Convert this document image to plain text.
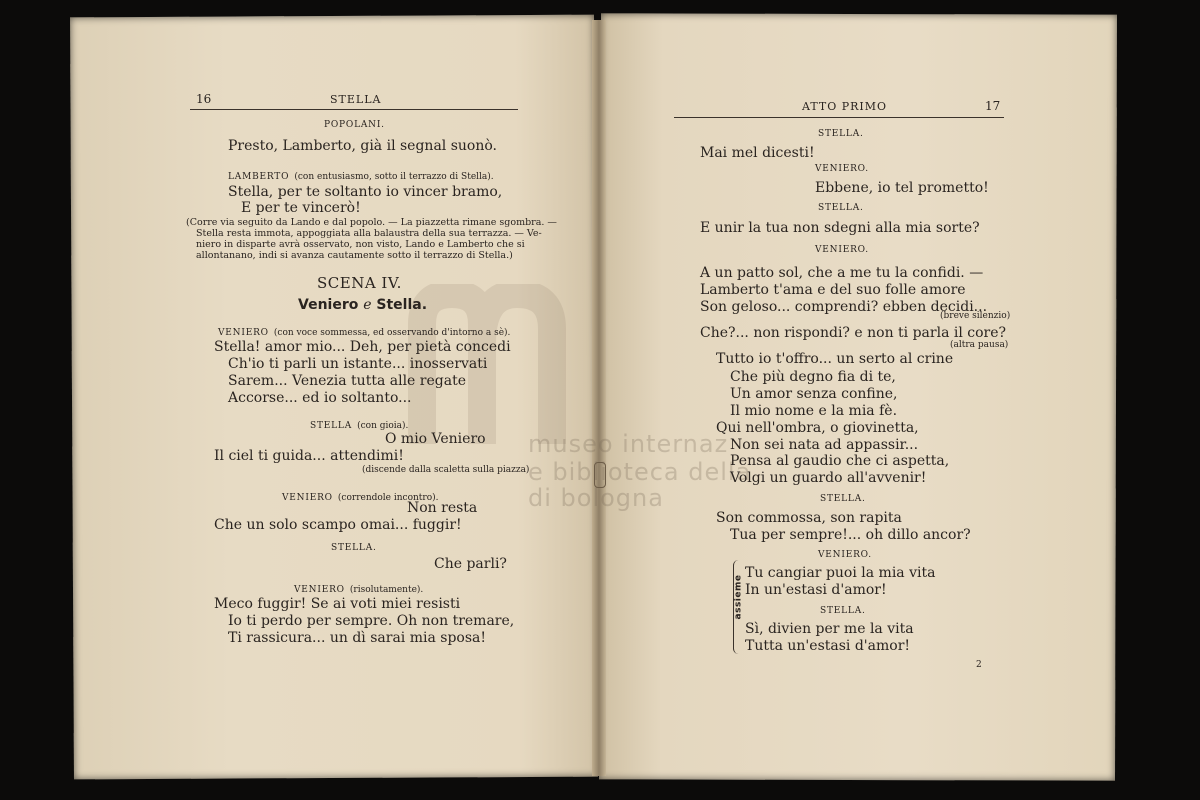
museo internaz
e biblioteca della
di bologna
16	STELLA
POPOLANI.
Presto, Lamberto, già il segnal suonò.
LAMBERTO (con entusiasmo, sotto il terrazzo di Stella).
Stella, per te soltanto io vincer bramo,
E per te vincerò!
(Corre via seguito da Lando e dal popolo. — La piazzetta rimane sgombra. —
Stella resta immota, appoggiata alla balaustra della sua terrazza. — Ve-
niero in disparte avrà osservato, non visto, Lando e Lamberto che si
allontanano, indi si avanza cautamente sotto il terrazzo di Stella.)
SCENA IV.
Veniero e Stella.
VENIERO (con voce sommessa, ed osservando d'intorno a sè).
Stella! amor mio... Deh, per pietà concedi
Ch'io ti parli un istante... inosservati
Sarem... Venezia tutta alle regate
Accorse... ed io soltanto...
STELLA (con gioia).
O mio Veniero
Il ciel ti guida... attendimi!
(discende dalla scaletta sulla piazza)
VENIERO (correndole incontro).
Non resta
Che un solo scampo omai... fuggir!
STELLA.
Che parli?
VENIERO (risolutamente).
Meco fuggir! Se ai voti miei resisti
Io ti perdo per sempre. Oh non tremare,
Ti rassicura... un dì sarai mia sposa!
ATTO PRIMO	17
STELLA.
Mai mel dicesti!
VENIERO.
Ebbene, io tel prometto!
STELLA.
E unir la tua non sdegni alla mia sorte?
VENIERO.
A un patto sol, che a me tu la confidi. —
Lamberto t'ama e del suo folle amore
Son geloso... comprendi? ebben decidi...
(breve silenzio)
Che?... non rispondi? e non ti parla il core?
(altra pausa)
Tutto io t'offro... un serto al crine
Che più degno fia di te,
Un amor senza confine,
Il mio nome e la mia fè.
Qui nell'ombra, o giovinetta,
Non sei nata ad appassir...
Pensa al gaudio che ci aspetta,
Volgi un guardo all'avvenir!
STELLA.
Son commossa, son rapita
Tua per sempre!... oh dillo ancor?
VENIERO.
assieme
Tu cangiar puoi la mia vita
In un'estasi d'amor!
STELLA.
Sì, divien per me la vita
Tutta un'estasi d'amor!
2
